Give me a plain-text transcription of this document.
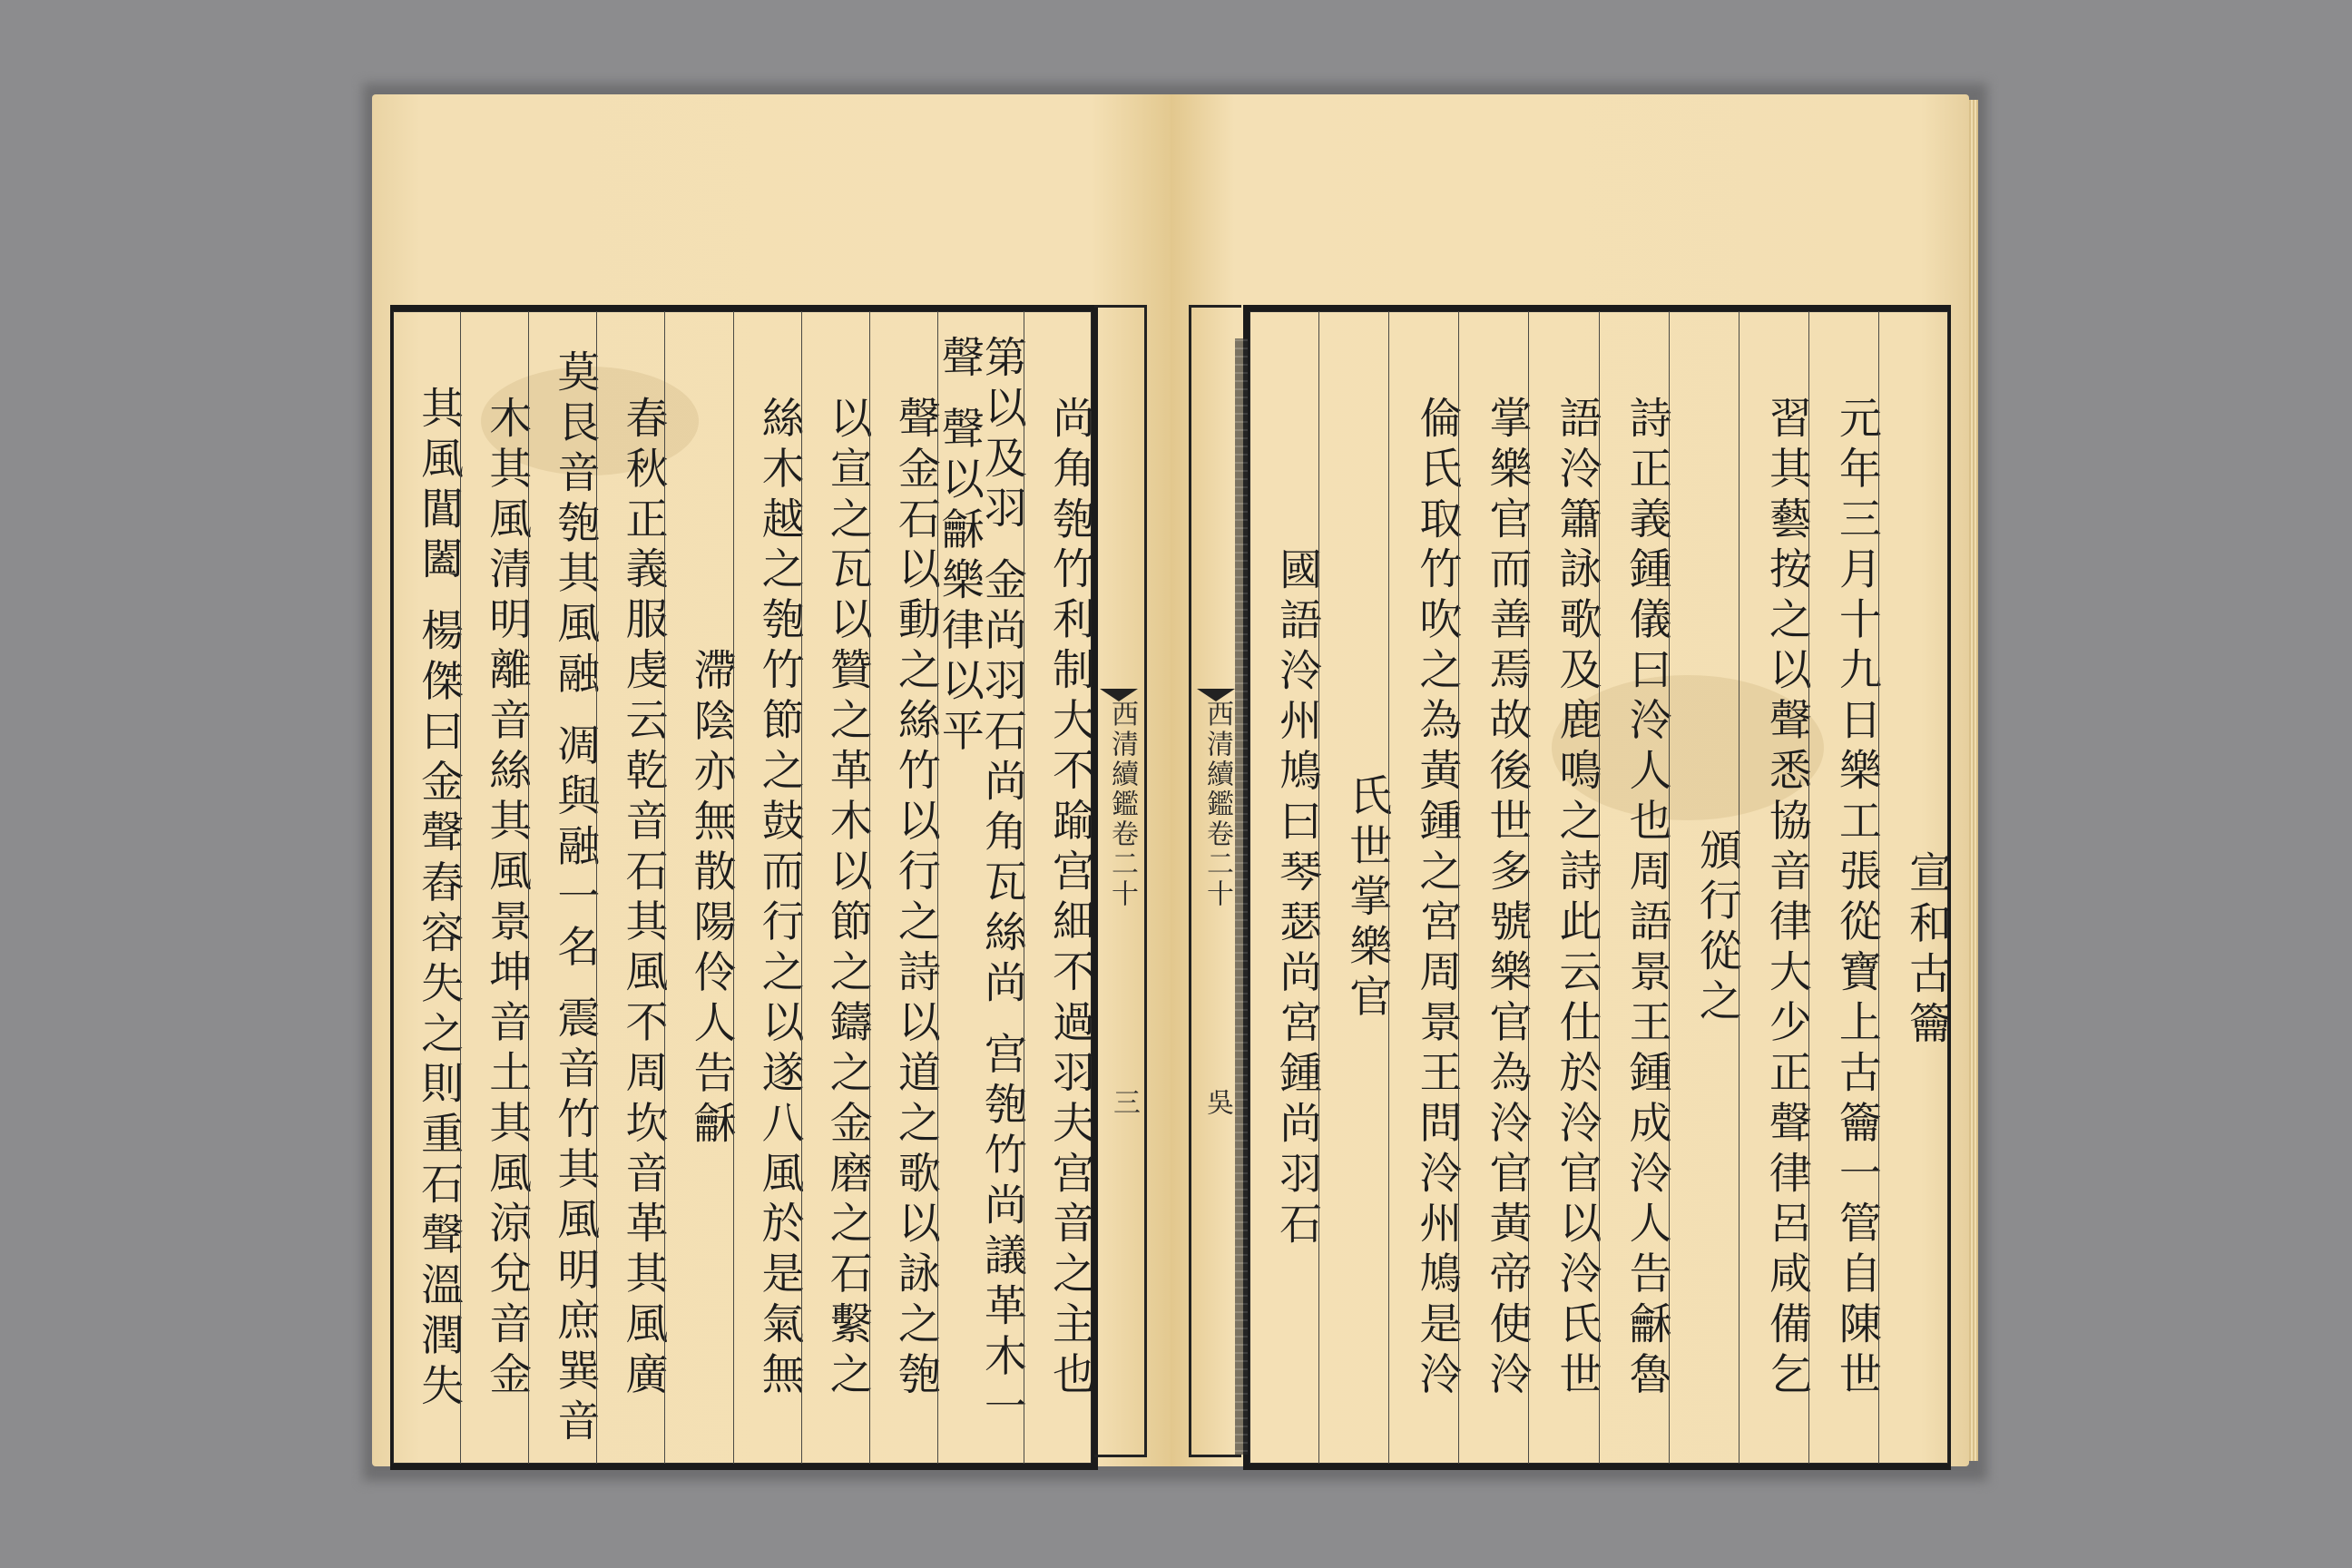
尚角匏竹利制大不踰宫細不過羽夫宫音之主也
第以及羽 金尚羽石尚角瓦絲尚 宫匏竹尚議革木一聲 聲以龢樂律以平
聲金石以動之絲竹以行之詩以道之歌以詠之匏
以宣之瓦以贊之革木以節之鑄之金磨之石繫之
絲木越之匏竹節之鼓而行之以遂八風於是氣無
滯陰亦無散陽伶人告龢
春秋正義服虔云乾音石其風不周坎音革其風廣
莫艮音匏其風融 凋與融一名 震音竹其風明庶巽音
木其風清明離音絲其風景坤音土其風涼兌音金
其風閶闔 楊傑曰金聲舂容失之則重石聲溫潤失	西清續鑑卷二十
三
西清續鑑卷二十
吳
宣和古籥
元年三月十九日樂工張從寶上古籥一管自陳世
習其藝按之以聲悉協音律大少正聲律呂咸備乞
頒行從之
詩正義鍾儀曰泠人也周語景王鍾成泠人告龢魯
語泠簫詠歌及鹿鳴之詩此云仕於泠官以泠氏世
掌樂官而善焉故後世多號樂官為泠官黃帝使泠
倫氏取竹吹之為黃鍾之宮周景王問泠州鳩是泠
氏世掌樂官
國語泠州鳩曰琴瑟尚宮鍾尚羽石
